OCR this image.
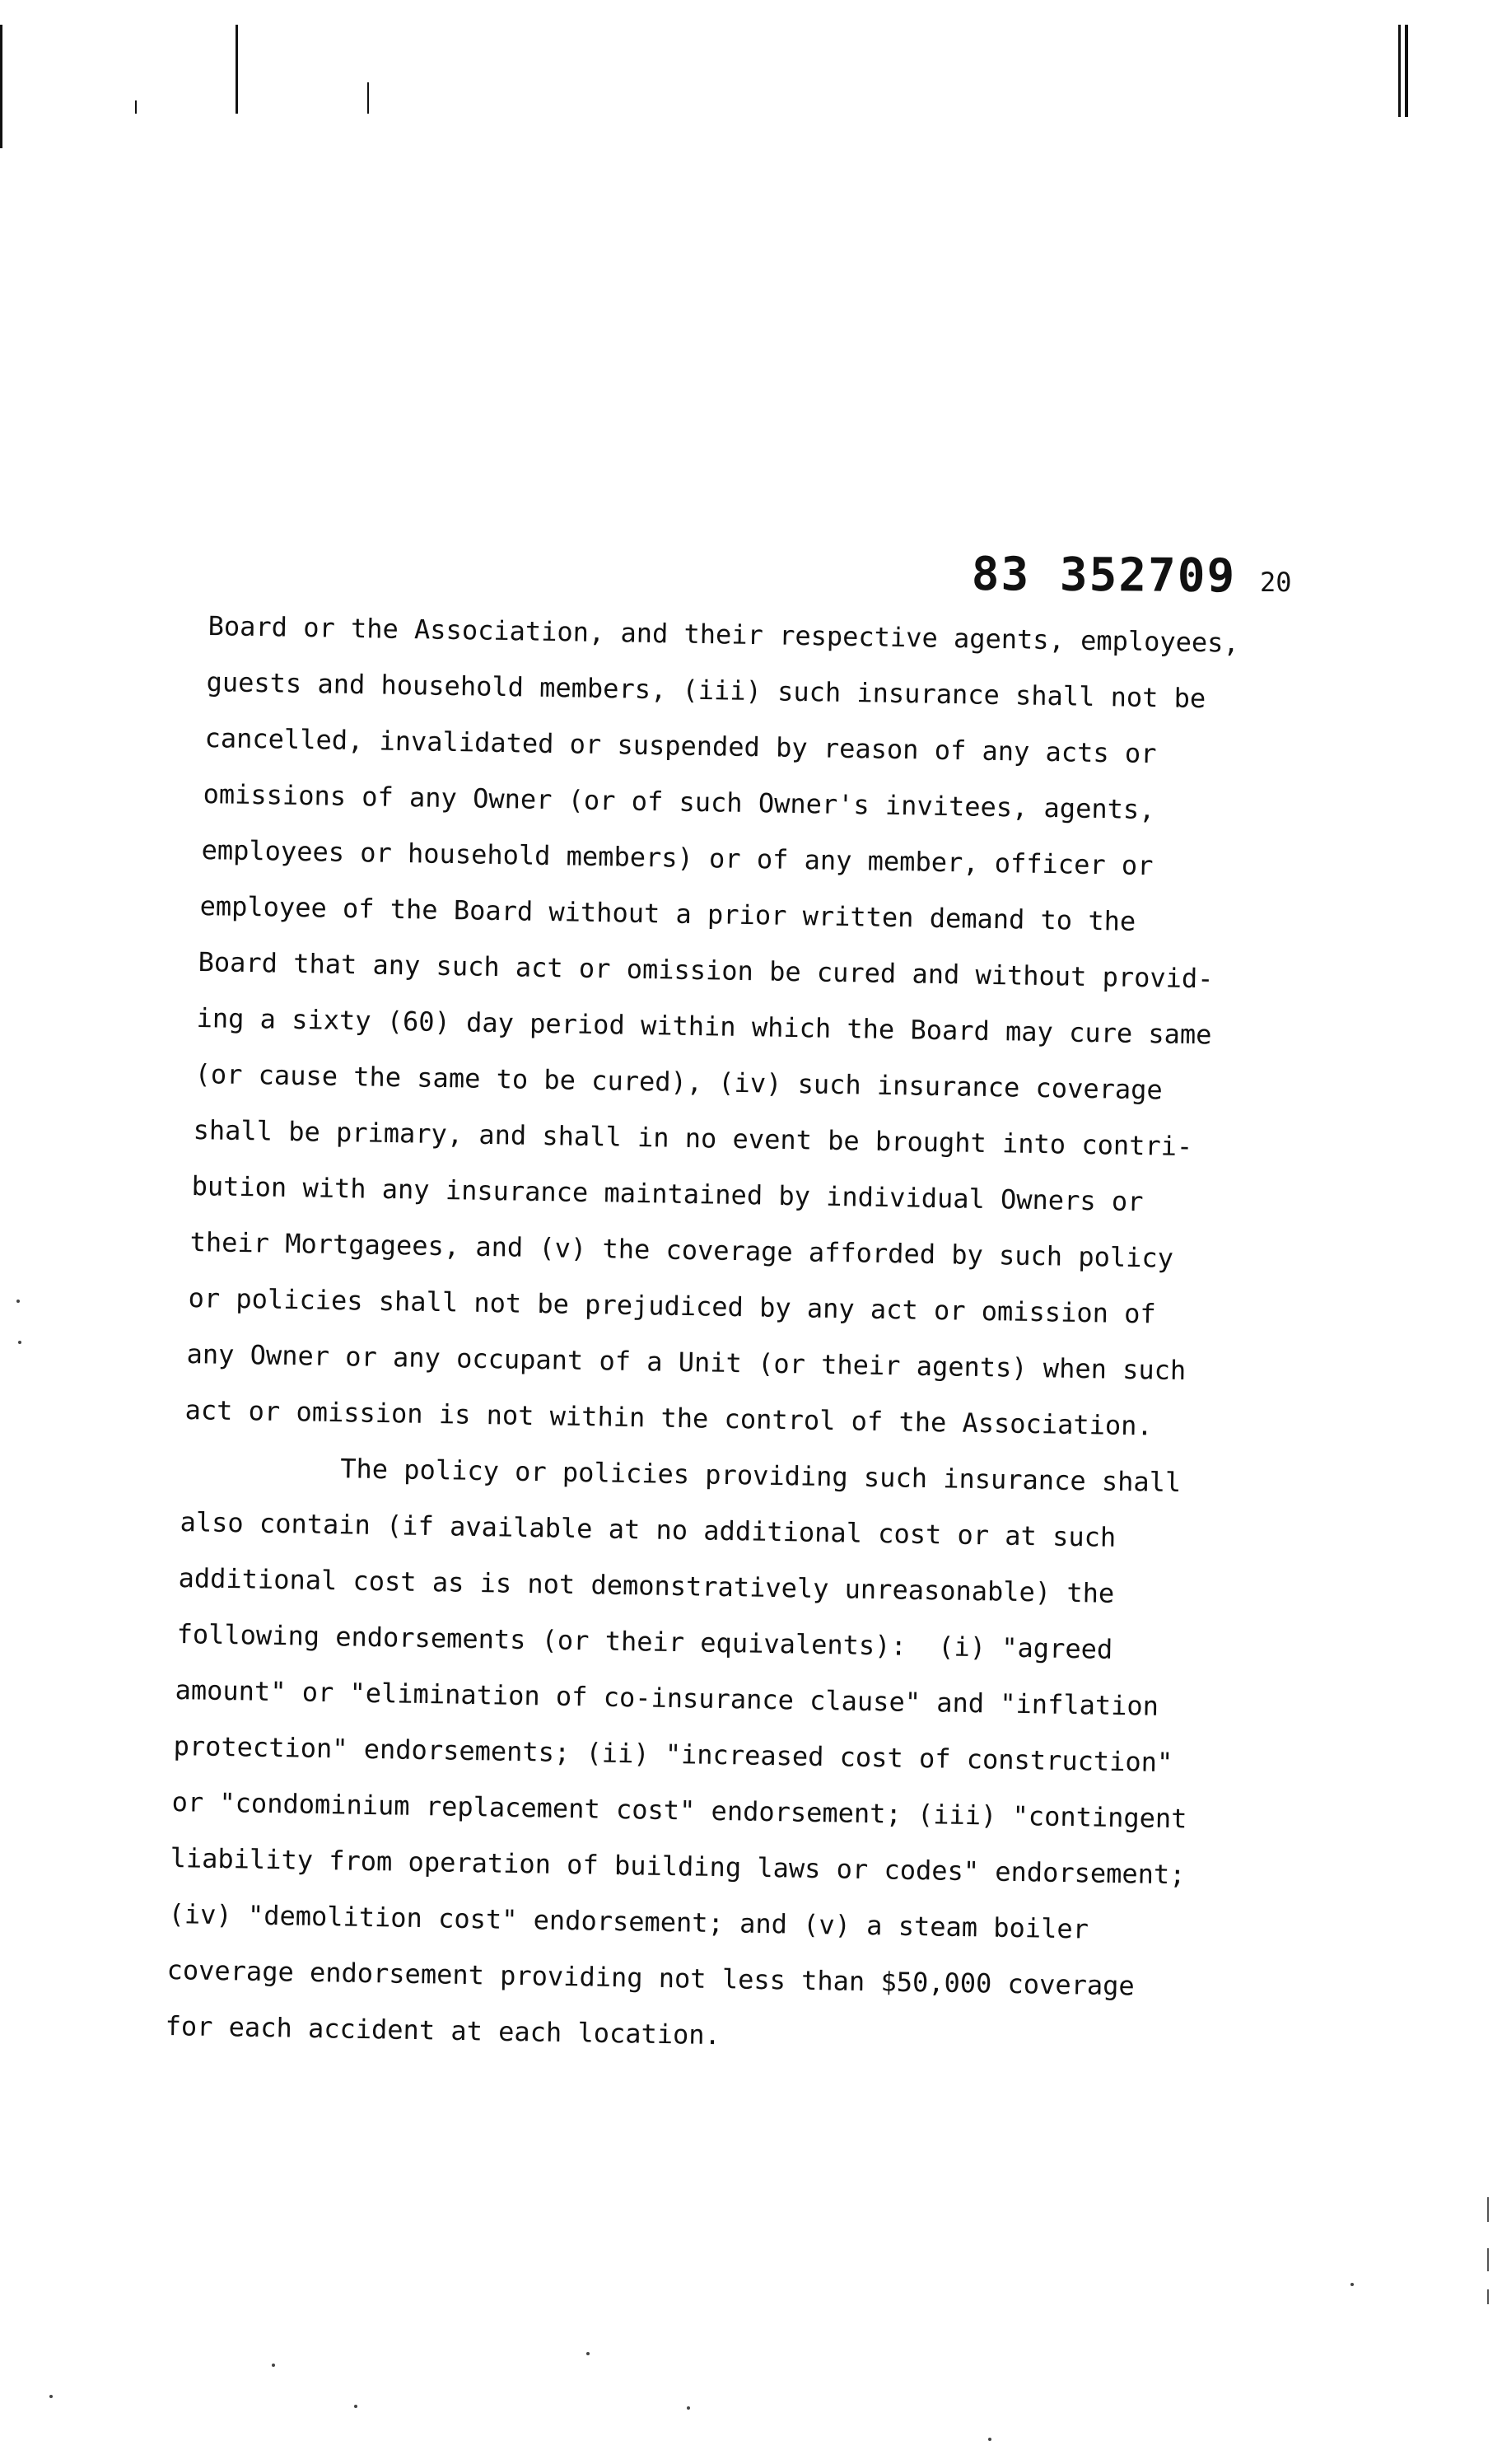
83 352709 20
Board or the Association, and their respective agents, employees,
guests and household members, (iii) such insurance shall not be
cancelled, invalidated or suspended by reason of any acts or
omissions of any Owner (or of such Owner's invitees, agents,
employees or household members) or of any member, officer or
employee of the Board without a prior written demand to the
Board that any such act or omission be cured and without provid-
ing a sixty (60) day period within which the Board may cure same
(or cause the same to be cured), (iv) such insurance coverage
shall be primary, and shall in no event be brought into contri-
bution with any insurance maintained by individual Owners or
their Mortgagees, and (v) the coverage afforded by such policy
or policies shall not be prejudiced by any act or omission of
any Owner or any occupant of a Unit (or their agents) when such
act or omission is not within the control of the Association.
The policy or policies providing such insurance shall
also contain (if available at no additional cost or at such
additional cost as is not demonstratively unreasonable) the
following endorsements (or their equivalents):  (i) "agreed
amount" or "elimination of co-insurance clause" and "inflation
protection" endorsements; (ii) "increased cost of construction"
or "condominium replacement cost" endorsement; (iii) "contingent
liability from operation of building laws or codes" endorsement;
(iv) "demolition cost" endorsement; and (v) a steam boiler
coverage endorsement providing not less than $50,000 coverage
for each accident at each location.
